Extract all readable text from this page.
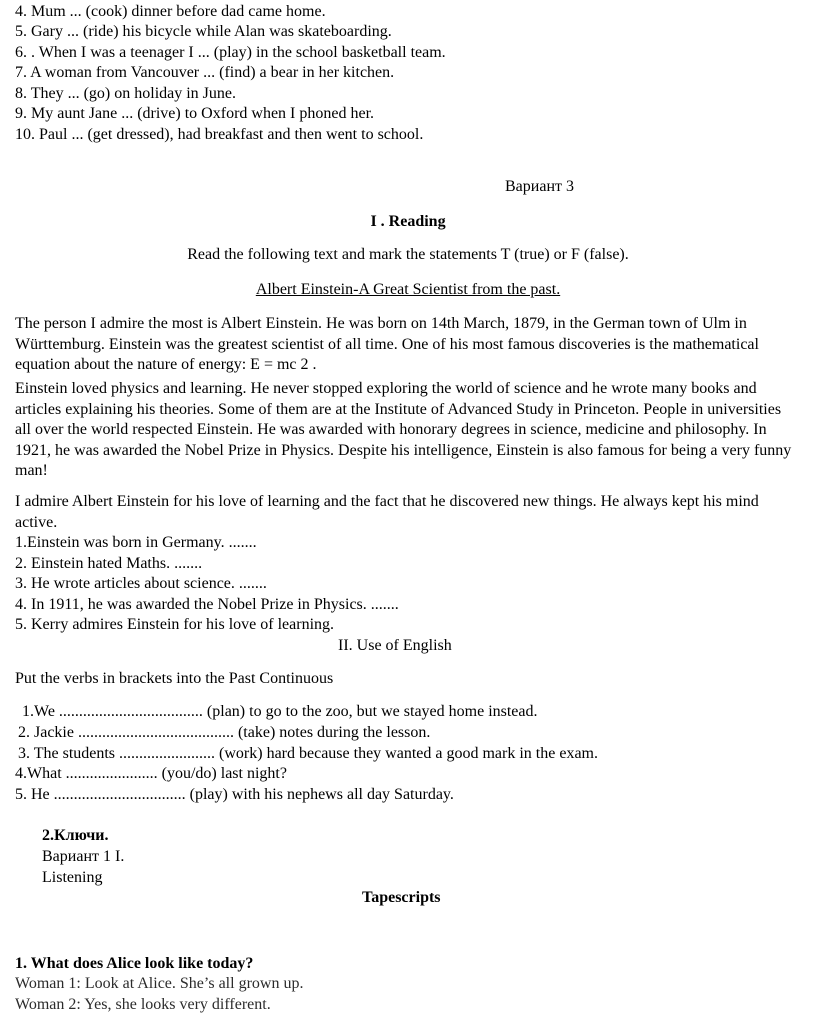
4. Mum ... (cook) dinner before dad came home.
5. Gary ... (ride) his bicycle while Alan was skateboarding.
6. . When I was a teenager I ... (play) in the school basketball team.
7. A woman from Vancouver ... (find) a bear in her kitchen.
8. They ... (go) on holiday in June.
9. My aunt Jane ... (drive) to Oxford when I phoned her.
10. Paul ... (get dressed), had breakfast and then went to school.
Вариант 3
I . Reading
Read the following text and mark the statements T (true) or F (false).
Albert Einstein-A Great Scientist from the past.
The person I admire the most is Albert Einstein. He was born on 14th March, 1879, in the German town of Ulm in Württemburg. Einstein was the greatest scientist of all time. One of his most famous discoveries is the mathematical equation about the nature of energy: E = mc 2 .
Einstein loved physics and learning. He never stopped exploring the world of science and he wrote many books and articles explaining his theories. Some of them are at the Institute of Advanced Study in Princeton. People in universities all over the world respected Einstein. He was awarded with honorary degrees in science, medicine and philosophy. In 1921, he was awarded the Nobel Prize in Physics. Despite his intelligence, Einstein is also famous for being a very funny man!
I admire Albert Einstein for his love of learning and the fact that he discovered new things. He always kept his mind active.
1.Einstein was born in Germany. .......
2. Einstein hated Maths. .......
3. He wrote articles about science. .......
4. In 1911, he was awarded the Nobel Prize in Physics. .......
5. Kerry admires Einstein for his love of learning.
II. Use of English
Put the verbs in brackets into the Past Continuous
1.We .................................... (plan) to go to the zoo, but we stayed home instead.
2. Jackie ....................................... (take) notes during the lesson.
3. The students ........................ (work) hard because they wanted a good mark in the exam.
4.What ....................... (you/do) last night?
5. He ................................. (play) with his nephews all day Saturday.
2.Ключи.
Вариант 1 I.
Listening
Tapescripts
1. What does Alice look like today?
Woman 1: Look at Alice. She’s all grown up.
Woman 2: Yes, she looks very different.
